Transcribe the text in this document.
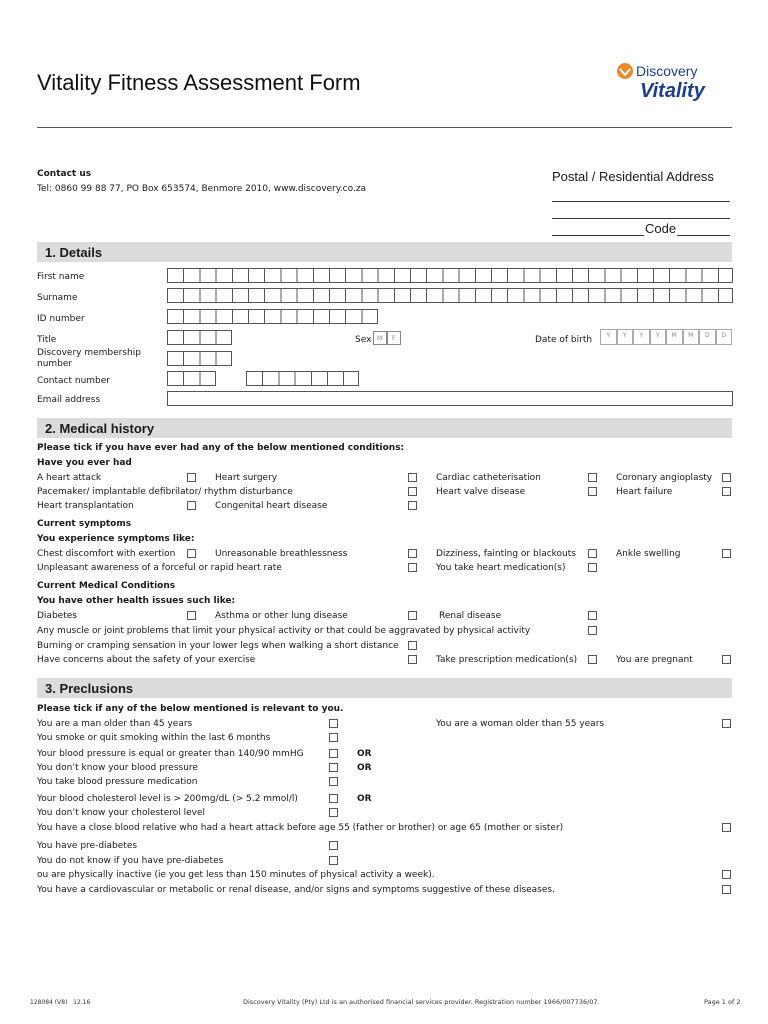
Vitality Fitness Assessment Form	Discovery
Vitality
Contact us
Tel: 0860 99 88 77, PO Box 653574, Benmore 2010, www.discovery.co.za
Postal / Residential Address
Code
1. Details
First name
Surname
ID number
Title	Sex M F	Date of birth	Y	Y	Y	Y	M	M	D	D
Discovery membership number
Contact number
Email address
2. Medical history
Please tick if you have ever had any of the below mentioned conditions:
Have you ever had
A heart attack	Heart surgery	Cardiac catheterisation	Coronary angioplasty
Pacemaker/ implantable defibrilator/ rhythm disturbance	Heart valve disease	Heart failure
Heart transplantation	Congenital heart disease
Current symptoms
You experience symptoms like:
Chest discomfort with exertion	Unreasonable breathlessness	Dizziness, fainting or blackouts	Ankle swelling
Unpleasant awareness of a forceful or rapid heart rate	You take heart medication(s)
Current Medical Conditions
You have other health issues such like:
Diabetes	Asthma or other lung disease	Renal disease
Any muscle or joint problems that limit your physical activity or that could be aggravated by physical activity
Burning or cramping sensation in your lower legs when walking a short distance
Have concerns about the safety of your exercise	Take prescription medication(s)	You are pregnant
3. Preclusions
Please tick if any of the below mentioned is relevant to you.
You are a man older than 45 years	You are a woman older than 55 years
You smoke or quit smoking within the last 6 months
Your blood pressure is equal or greater than 140/90 mmHG	OR
You don’t know your blood pressure	OR
You take blood pressure medication
Your blood cholesterol level is > 200mg/dL (> 5.2 mmol/l)	OR
You don’t know your cholesterol level
You have a close blood relative who had a heart attack before age 55 (father or brother) or age 65 (mother or sister)
You have pre-diabetes
You do not know if you have pre-diabetes
ou are physically inactive (ie you get less than 150 minutes of physical activity a week).
You have a cardiovascular or metabolic or renal disease, and/or signs and symptoms suggestive of these diseases.
128084 (V8)   12.16	Discovery Vitality (Pty) Ltd is an authorised financial services provider. Registration number 1966/007736/07.	Page 1 of 2
